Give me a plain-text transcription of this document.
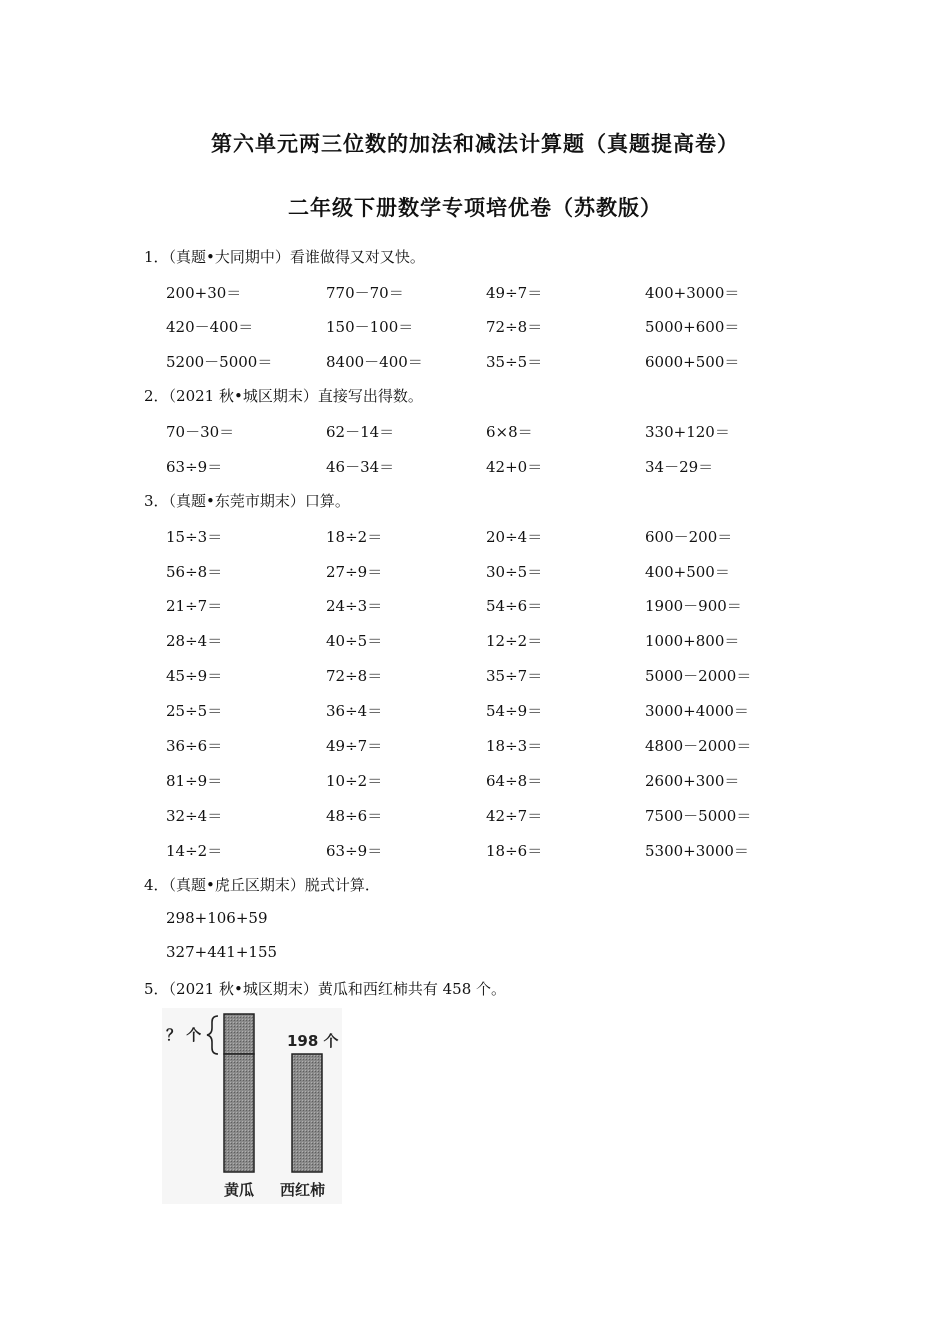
第六单元两三位数的加法和减法计算题（真题提高卷）
二年级下册数学专项培优卷（苏教版）
1．（真题•大同期中）看谁做得又对又快。
200+30＝	770－70＝	49÷7＝	400+3000＝
420－400＝	150－100＝	72÷8＝	5000+600＝
5200－5000＝	8400－400＝	35÷5＝	6000+500＝
2．（2021 秋•城区期末）直接写出得数。
70－30＝	62－14＝	6×8＝	330+120＝
63÷9＝	46－34＝	42+0＝	34－29＝
3．（真题•东莞市期末）口算。
15÷3＝	18÷2＝	20÷4＝	600－200＝
56÷8＝	27÷9＝	30÷5＝	400+500＝
21÷7＝	24÷3＝	54÷6＝	1900－900＝
28÷4＝	40÷5＝	12÷2＝	1000+800＝
45÷9＝	72÷8＝	35÷7＝	5000－2000＝
25÷5＝	36÷4＝	54÷9＝	3000+4000＝
36÷6＝	49÷7＝	18÷3＝	4800－2000＝
81÷9＝	10÷2＝	64÷8＝	2600+300＝
32÷4＝	48÷6＝	42÷7＝	7500－5000＝
14÷2＝	63÷9＝	18÷6＝	5300+3000＝
4．（真题•虎丘区期末）脱式计算．
298+106+59
327+441+155
5．（2021 秋•城区期末）黄瓜和西红柿共有 458 个。
？ 个	198 个
黄瓜 西红柿
